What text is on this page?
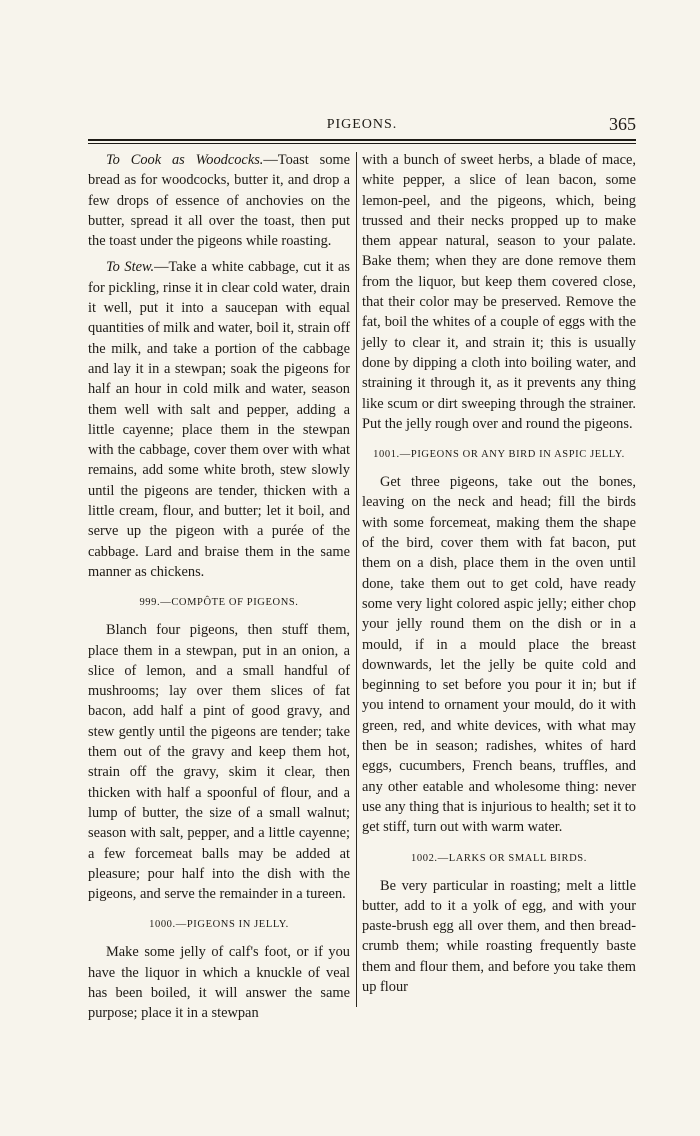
PIGEONS.	365

To Cook as Woodcocks.—Toast some bread as for woodcocks, butter it, and drop a few drops of essence of anchovies on the butter, spread it all over the toast, then put the toast under the pigeons while roasting.

To Stew.—Take a white cabbage, cut it as for pickling, rinse it in clear cold water, drain it well, put it into a saucepan with equal quantities of milk and water, boil it, strain off the milk, and take a portion of the cabbage and lay it in a stewpan; soak the pigeons for half an hour in cold milk and water, season them well with salt and pepper, adding a little cayenne; place them in the stewpan with the cabbage, cover them over with what remains, add some white broth, stew slowly until the pigeons are tender, thicken with a little cream, flour, and butter; let it boil, and serve up the pigeon with a purée of the cabbage. Lard and braise them in the same manner as chickens.

999.—COMPÔTE OF PIGEONS.

Blanch four pigeons, then stuff them, place them in a stewpan, put in an onion, a slice of lemon, and a small handful of mushrooms; lay over them slices of fat bacon, add half a pint of good gravy, and stew gently until the pigeons are tender; take them out of the gravy and keep them hot, strain off the gravy, skim it clear, then thicken with half a spoonful of flour, and a lump of butter, the size of a small walnut; season with salt, pepper, and a little cayenne; a few forcemeat balls may be added at pleasure; pour half into the dish with the pigeons, and serve the remainder in a tureen.

1000.—PIGEONS IN JELLY.

Make some jelly of calf's foot, or if you have the liquor in which a knuckle of veal has been boiled, it will answer the same purpose; place it in a stewpan

with a bunch of sweet herbs, a blade of mace, white pepper, a slice of lean bacon, some lemon-peel, and the pigeons, which, being trussed and their necks propped up to make them appear natural, season to your palate. Bake them; when they are done remove them from the liquor, but keep them covered close, that their color may be preserved. Remove the fat, boil the whites of a couple of eggs with the jelly to clear it, and strain it; this is usually done by dipping a cloth into boiling water, and straining it through it, as it prevents any thing like scum or dirt sweeping through the strainer. Put the jelly rough over and round the pigeons.

1001.—PIGEONS OR ANY BIRD IN ASPIC JELLY.

Get three pigeons, take out the bones, leaving on the neck and head; fill the birds with some forcemeat, making them the shape of the bird, cover them with fat bacon, put them on a dish, place them in the oven until done, take them out to get cold, have ready some very light colored aspic jelly; either chop your jelly round them on the dish or in a mould, if in a mould place the breast downwards, let the jelly be quite cold and beginning to set before you pour it in; but if you intend to ornament your mould, do it with green, red, and white devices, with what may then be in season; radishes, whites of hard eggs, cucumbers, French beans, truffles, and any other eatable and wholesome thing: never use any thing that is injurious to health; set it to get stiff, turn out with warm water.

1002.—LARKS OR SMALL BIRDS.

Be very particular in roasting; melt a little butter, add to it a yolk of egg, and with your paste-brush egg all over them, and then bread-crumb them; while roasting frequently baste them and flour them, and before you take them up flour
